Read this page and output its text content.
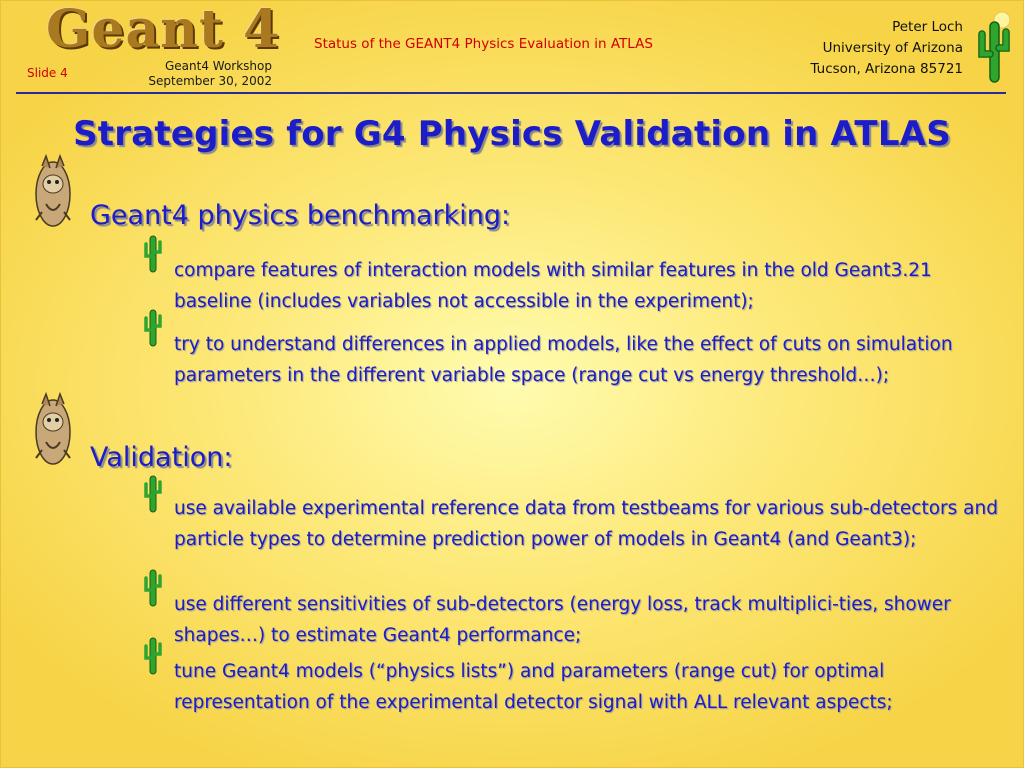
Geant 4
Slide 4	Geant4 Workshop
September 30, 2002
Status of the GEANT4 Physics Evaluation in ATLAS
Peter Loch
University of Arizona
Tucson, Arizona 85721
Strategies for G4 Physics Validation in ATLAS
Geant4 physics benchmarking:
compare features of interaction models with similar features in the old Geant3.21 baseline (includes variables not accessible in the experiment);
try to understand differences in applied models, like the effect of cuts on simulation parameters in the different variable space (range cut vs energy threshold…);
Validation:
use available experimental reference data from testbeams for various sub-detectors and particle types to determine prediction power of models in Geant4 (and Geant3);
use different sensitivities of sub-detectors (energy loss, track multiplici-ties, shower shapes…) to estimate Geant4 performance;
tune Geant4 models (“physics lists”) and parameters (range cut) for optimal representation of the experimental detector signal with ALL relevant aspects;
